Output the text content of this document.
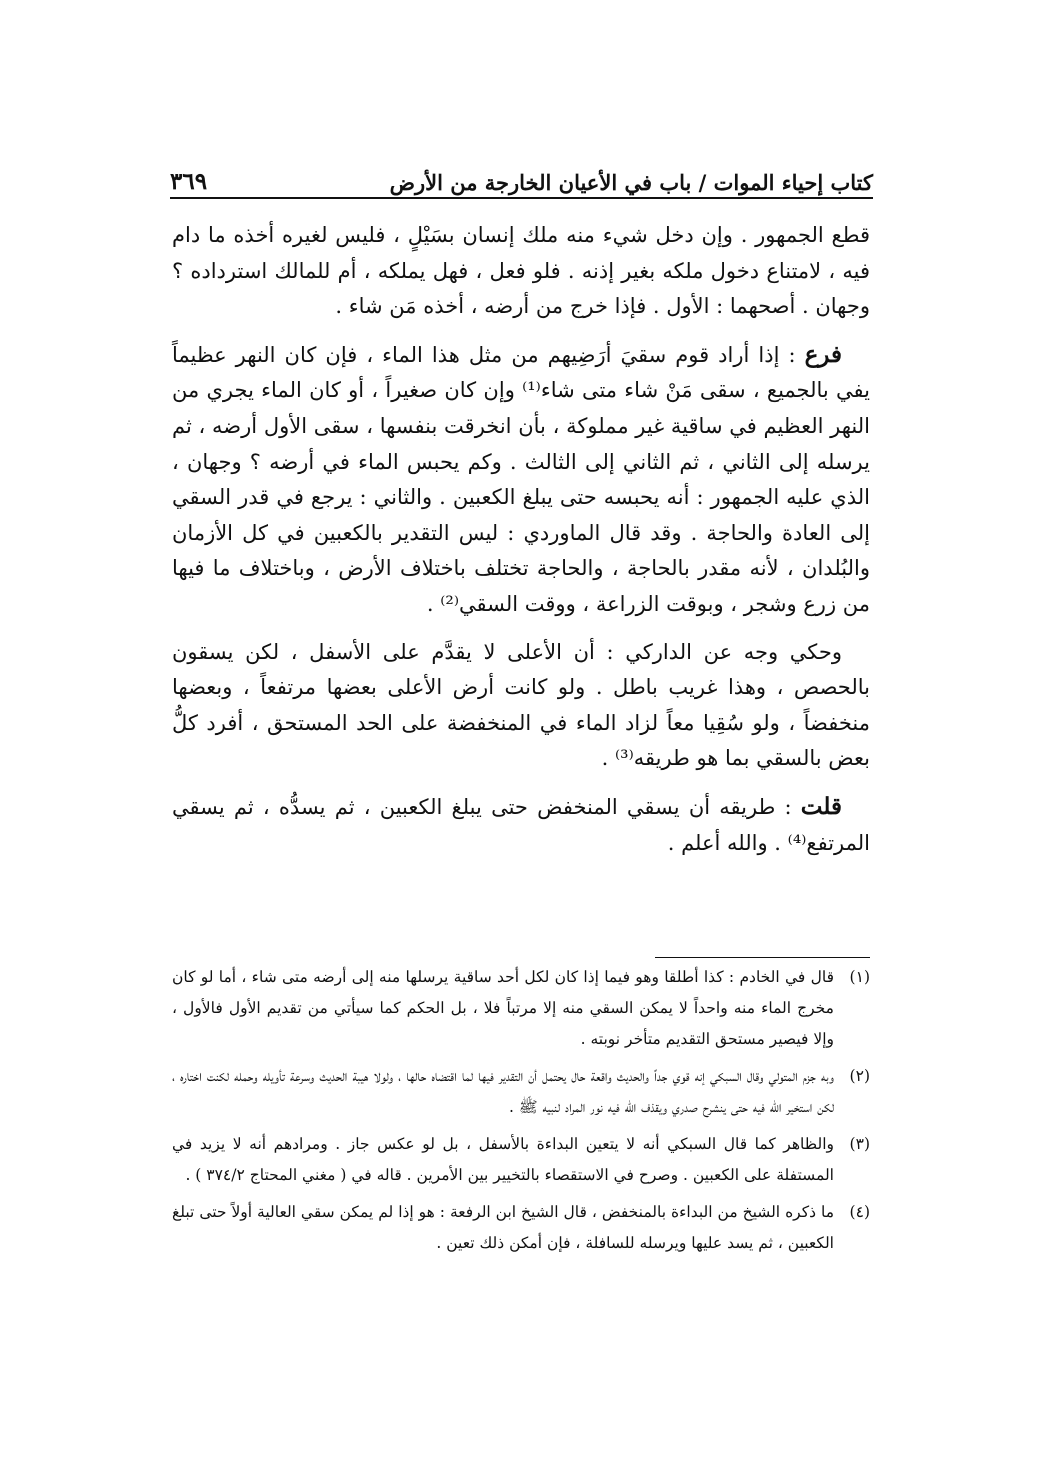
كتاب إحياء الموات / باب في الأعيان الخارجة من الأرض
٣٦٩

قطع الجمهور . وإن دخل شيء منه ملك إنسان بسَيْلٍ ، فليس لغيره أخذه ما دام فيه ، لامتناع دخول ملكه بغير إذنه . فلو فعل ، فهل يملكه ، أم للمالك استرداده ؟ وجهان . أصحهما : الأول . فإذا خرج من أرضه ، أخذه مَن شاء .

فرع : إذا أراد قوم سقيَ أرَضِيهم من مثل هذا الماء ، فإن كان النهر عظيماً يفي بالجميع ، سقى مَنْ شاء متى شاء⁽¹⁾ وإن كان صغيراً ، أو كان الماء يجري من النهر العظيم في ساقية غير مملوكة ، بأن انخرقت بنفسها ، سقى الأول أرضه ، ثم يرسله إلى الثاني ، ثم الثاني إلى الثالث . وكم يحبس الماء في أرضه ؟ وجهان ، الذي عليه الجمهور : أنه يحبسه حتى يبلغ الكعبين . والثاني : يرجع في قدر السقي إلى العادة والحاجة . وقد قال الماوردي : ليس التقدير بالكعبين في كل الأزمان والبُلدان ، لأنه مقدر بالحاجة ، والحاجة تختلف باختلاف الأرض ، وباختلاف ما فيها من زرع وشجر ، وبوقت الزراعة ، ووقت السقي⁽²⁾ .

وحكي وجه عن الداركي : أن الأعلى لا يقدَّم على الأسفل ، لكن يسقون بالحصص ، وهذا غريب باطل . ولو كانت أرض الأعلى بعضها مرتفعاً ، وبعضها منخفضاً ، ولو سُقِيا معاً لزاد الماء في المنخفضة على الحد المستحق ، أفرد كلُّ بعض بالسقي بما هو طريقه⁽³⁾ .

قلت : طريقه أن يسقي المنخفض حتى يبلغ الكعبين ، ثم يسدُّه ، ثم يسقي المرتفع⁽⁴⁾ . والله أعلم .

(١)
قال في الخادم : كذا أطلقا وهو فيما إذا كان لكل أحد ساقية يرسلها منه إلى أرضه متى شاء ، أما لو كان مخرج الماء منه واحداً لا يمكن السقي منه إلا مرتباً فلا ، بل الحكم كما سيأتي من تقديم الأول فالأول ، وإلا فيصير مستحق التقديم متأخر نوبته .
(٢)
وبه جزم المتولي وقال السبكي إنه قوي جداً والحديث واقعة حال يحتمل أن التقدير فيها لما اقتضاه حالها ، ولولا هيبة الحديث وسرعة تأويله وحمله لكنت اختاره ، لكن استخير الله فيه حتى ينشرح صدري ويقذف الله فيه نور المراد لنبيه ﷺ .
(٣)
والظاهر كما قال السبكي أنه لا يتعين البداءة بالأسفل ، بل لو عكس جاز . ومرادهم أنه لا يزيد في المستفلة على الكعبين . وصرح في الاستقصاء بالتخيير بين الأمرين . قاله في ( مغني المحتاج ٣٧٤/٢ ) .
(٤)
ما ذكره الشيخ من البداءة بالمنخفض ، قال الشيخ ابن الرفعة : هو إذا لم يمكن سقي العالية أولاً حتى تبلغ الكعبين ، ثم يسد عليها ويرسله للسافلة ، فإن أمكن ذلك تعين .
